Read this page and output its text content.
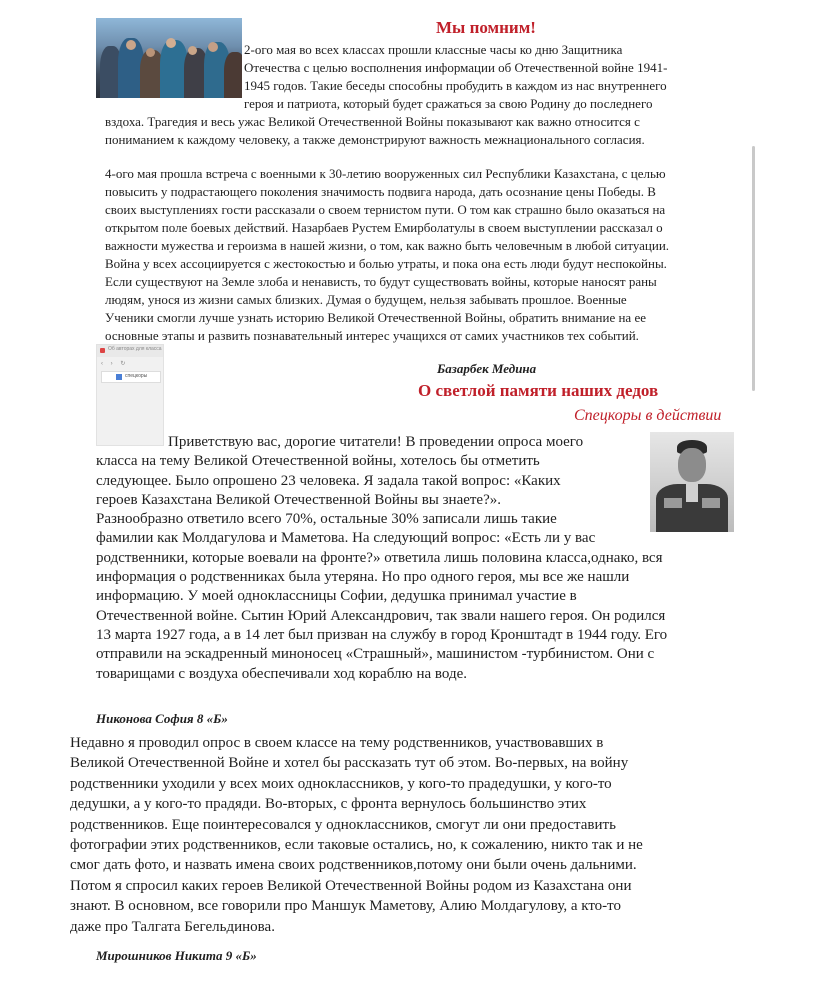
Мы помним!
2-ого мая во всех классах прошли классные часы ко дню Защитника
Отечества с целью восполнения информации об Отечественной войне 1941-
1945 годов. Такие беседы способны пробудить в каждом из нас внутреннего
героя и патриота, который будет сражаться за свою Родину до последнего
вздоха. Трагедия и весь ужас Великой Отечественной Войны показывают как важно относится с
пониманием к каждому человеку, а также демонстрируют важность межнационального согласия.
4-ого мая прошла встреча с военными к 30-летию вооруженных сил Республики Казахстана, с целью
повысить у подрастающего поколения значимость подвига народа, дать осознание цены Победы. В
своих выступлениях гости рассказали о своем тернистом пути. О том как страшно было оказаться на
открытом поле боевых действий. Назарбаев Рустем Емирболатулы в своем выступлении рассказал о
важности мужества и героизма в нашей жизни, о том, как важно быть человечным в любой ситуации.
Война у всех ассоциируется с жестокостью и болью утраты, и пока она есть люди будут неспокойны.
Если существуют на Земле злоба и ненависть, то будут существовать войны, которые наносят раны
людям, унося из жизни самых близких. Думая о будущем, нельзя забывать прошлое. Военные
Ученики смогли лучше узнать историю Великой Отечественной Войны, обратить внимание на ее
основные этапы и развить познавательный интерес учащихся от самих участников тех событий.
Об авторах для класса
‹ › ↻
спецкоры	Базарбек Медина
О светлой памяти наших дедов
Спецкоры в действии
Приветствую вас, дорогие читатели! В проведении опроса моего
класса на тему Великой Отечественной войны, хотелось бы отметить
следующее. Было опрошено 23 человека. Я задала такой вопрос: «Каких
героев Казахстана Великой Отечественной Войны вы знаете?».
Разнообразно ответило всего 70%, остальные 30% записали лишь такие
фамилии как Молдагулова и Маметова. На следующий вопрос: «Есть ли у вас
родственники, которые воевали на фронте?» ответила лишь половина класса,однако, вся
информация о родственниках была утеряна. Но про одного героя, мы все же нашли
информацию. У моей одноклассницы Софии, дедушка принимал участие в
Отечественной войне. Сытин Юрий Александрович, так звали нашего героя. Он родился
13 марта 1927 года, а в 14 лет был призван на службу в город Кронштадт в 1944 году. Его
отправили на эскадренный миноносец «Страшный», машинистом -турбинистом. Они с
товарищами с воздуха обеспечивали ход кораблю на воде.
Никонова София 8 «Б»
Недавно я проводил опрос в своем классе на тему родственников, участвовавших в
Великой Отечественной Войне и хотел бы рассказать тут об этом. Во-первых, на войну
родственники уходили у всех моих одноклассников, у кого-то прадедушки, у кого-то
дедушки, а у кого-то прадяди. Во-вторых, с фронта вернулось большинство этих
родственников. Еще поинтересовался у одноклассников, смогут ли они предоставить
фотографии этих родственников, если таковые остались, но, к сожалению, никто так и не
смог дать фото, и назвать имена своих родственников,потому они были очень дальними.
Потом я спросил каких героев Великой Отечественной Войны родом из Казахстана они
знают. В основном, все говорили про Маншук Маметову, Алию Молдагулову, а кто-то
даже про Талгата Бегельдинова.
Мирошников Никита 9 «Б»
